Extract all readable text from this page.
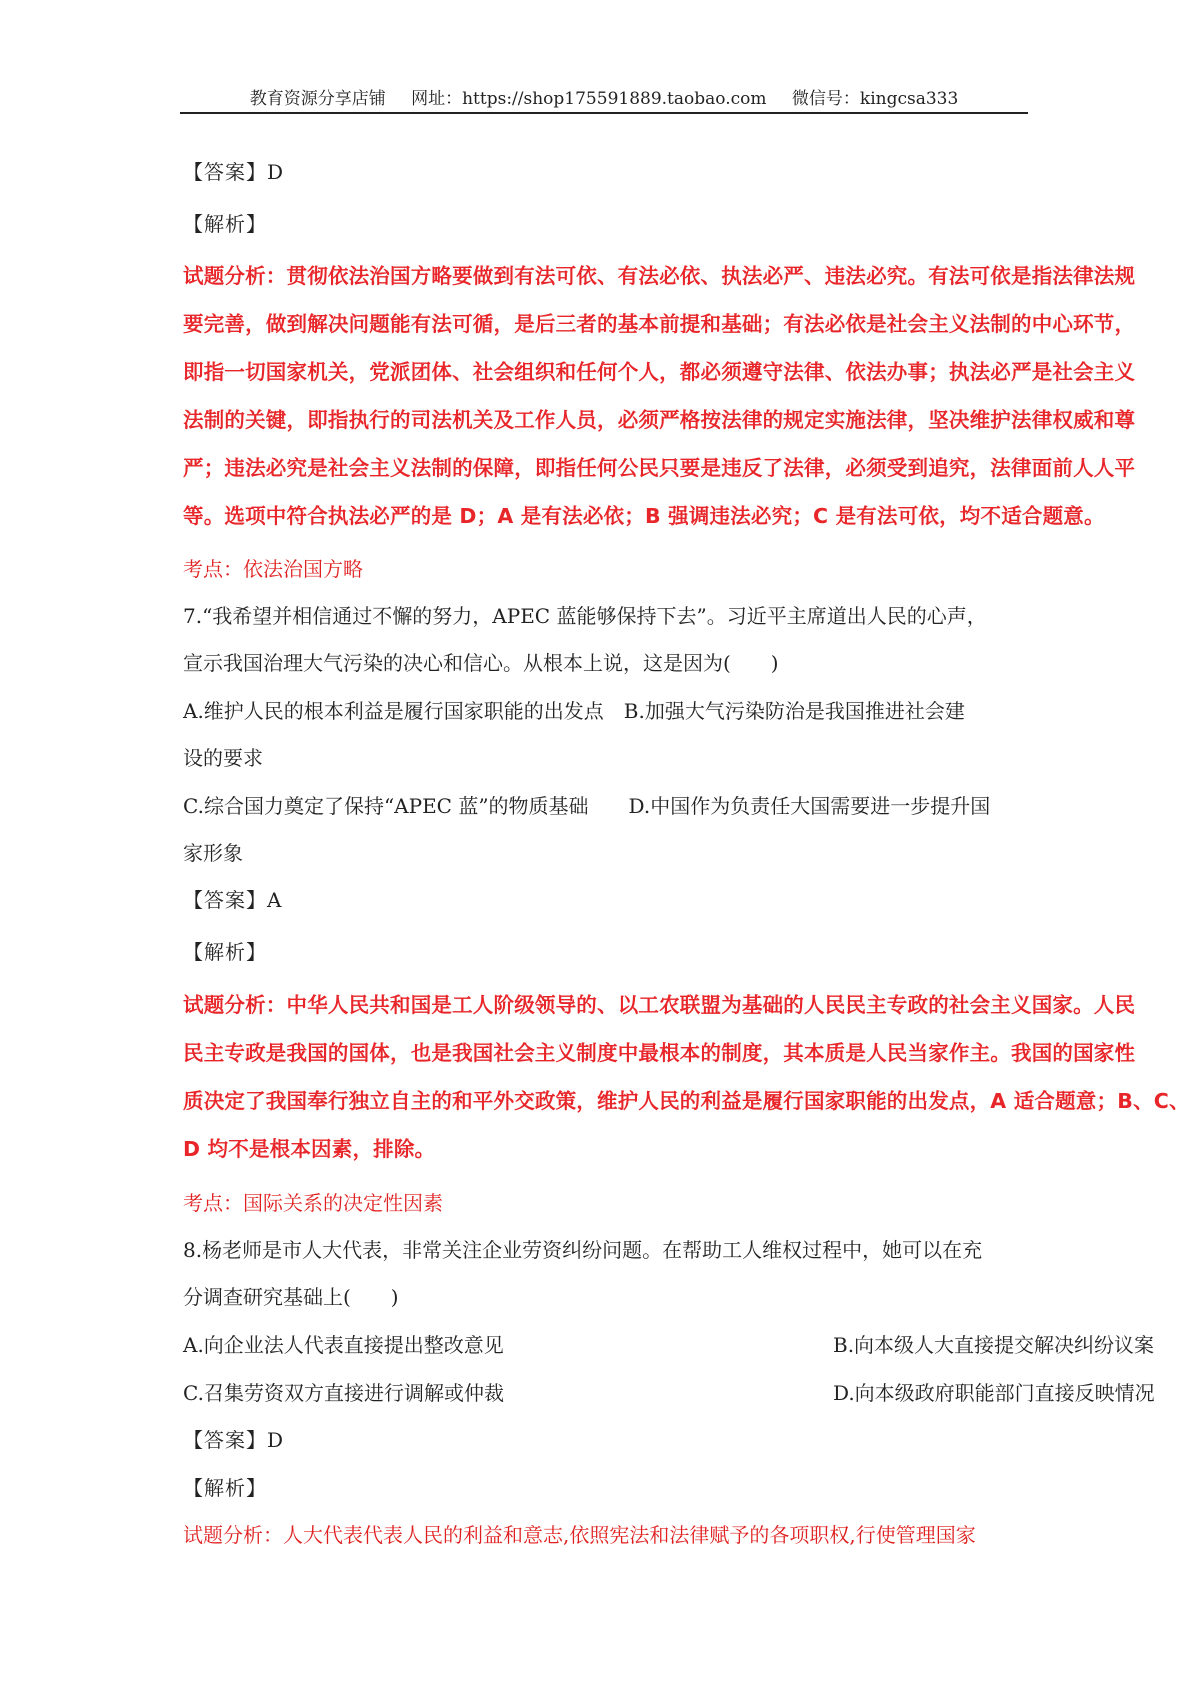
教育资源分享店铺 网址：https://shop175591889.taobao.com 微信号：kingcsa333
【答案】D
【解析】
试题分析：贯彻依法治国方略要做到有法可依、有法必依、执法必严、违法必究。有法可依是指法律法规
要完善，做到解决问题能有法可循，是后三者的基本前提和基础；有法必依是社会主义法制的中心环节，
即指一切国家机关，党派团体、社会组织和任何个人，都必须遵守法律、依法办事；执法必严是社会主义
法制的关键，即指执行的司法机关及工作人员，必须严格按法律的规定实施法律，坚决维护法律权威和尊
严；违法必究是社会主义法制的保障，即指任何公民只要是违反了法律，必须受到追究，法律面前人人平
等。选项中符合执法必严的是 D；A 是有法必依；B 强调违法必究；C 是有法可依，均不适合题意。
考点：依法治国方略
7.“我希望并相信通过不懈的努力，APEC 蓝能够保持下去”。习近平主席道出人民的心声，
宣示我国治理大气污染的决心和信心。从根本上说，这是因为(　　)
A.维护人民的根本利益是履行国家职能的出发点　B.加强大气污染防治是我国推进社会建
设的要求
C.综合国力奠定了保持“APEC 蓝”的物质基础　　D.中国作为负责任大国需要进一步提升国
家形象
【答案】A
【解析】
试题分析：中华人民共和国是工人阶级领导的、以工农联盟为基础的人民民主专政的社会主义国家。人民
民主专政是我国的国体，也是我国社会主义制度中最根本的制度，其本质是人民当家作主。我国的国家性
质决定了我国奉行独立自主的和平外交政策，维护人民的利益是履行国家职能的出发点，A 适合题意；B、C、
D 均不是根本因素，排除。
考点：国际关系的决定性因素
8.杨老师是市人大代表，非常关注企业劳资纠纷问题。在帮助工人维权过程中，她可以在充
分调查研究基础上(　　)
A.向企业法人代表直接提出整改意见	B.向本级人大直接提交解决纠纷议案
C.召集劳资双方直接进行调解或仲裁	D.向本级政府职能部门直接反映情况
【答案】D
【解析】
试题分析：人大代表代表人民的利益和意志,依照宪法和法律赋予的各项职权,行使管理国家
